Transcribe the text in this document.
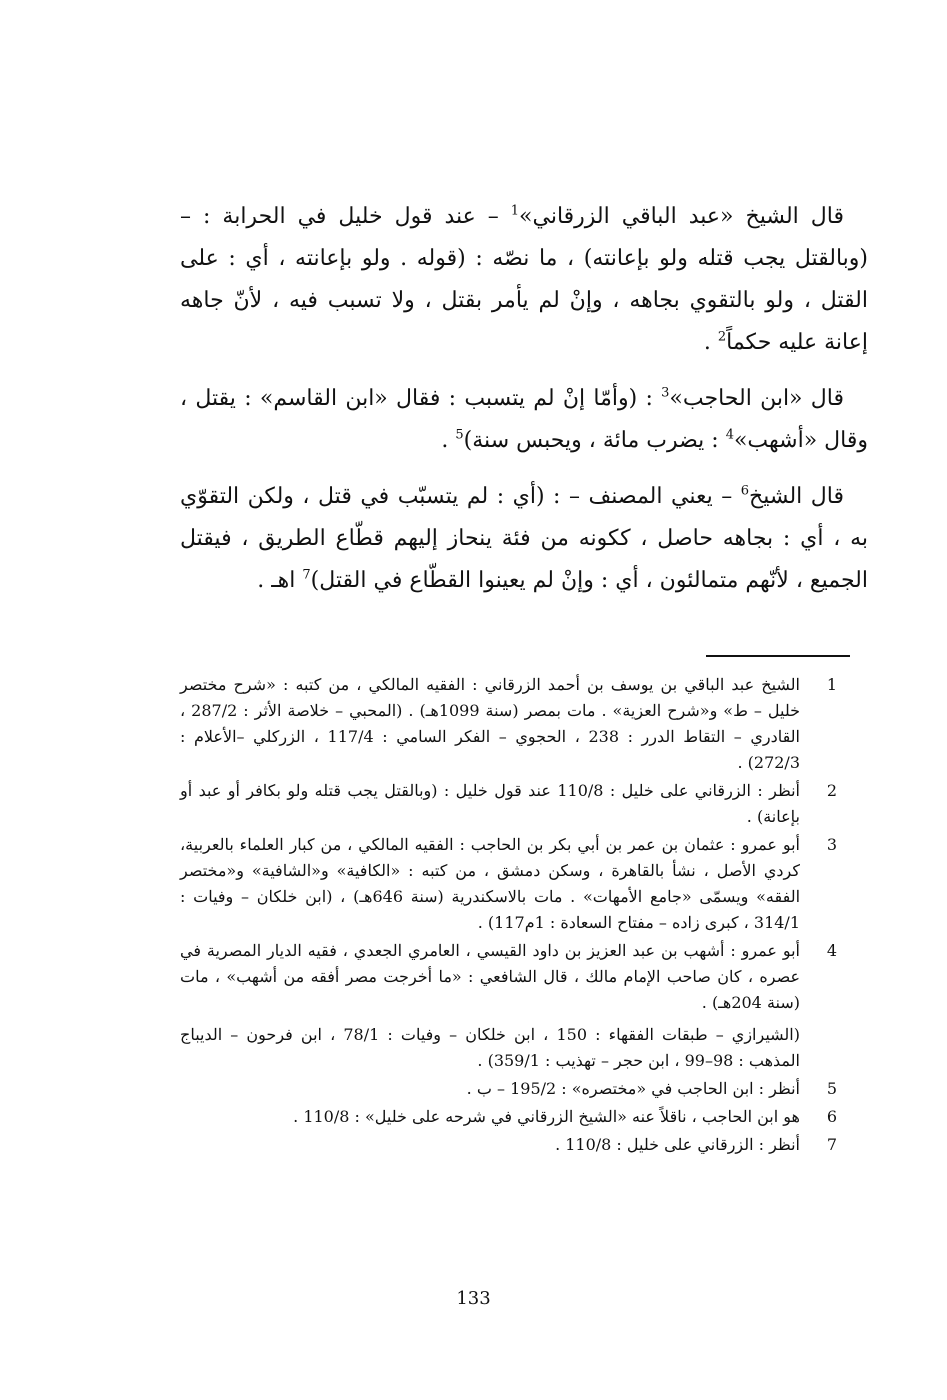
قال الشيخ «عبد الباقي الزرقاني»$^1$ – عند قول خليل في الحرابة : – (وبالقتل يجب قتله ولو بإعانته) ، ما نصّه : (قوله . ولو بإعانته ، أي : على القتل ، ولو بالتقوي بجاهه ، وإنْ لم يأمر بقتل ، ولا تسبب فيه ، لأنّ جاهه إعانة عليه حكماً$^2$ .

قال «ابن الحاجب»$^3$ : (وأمّا إنْ لم يتسبب : فقال «ابن القاسم» : يقتل ، وقال «أشهب»$^4$ : يضرب مائة ، ويحبس سنة)$^5$ .

قال الشيخ$^6$ – يعني المصنف – : (أي : لم يتسبّب في قتل ، ولكن التقوّي به ، أي : بجاهه حاصل ، ككونه من فئة ينحاز إليهم قطّاع الطريق ، فيقتل الجميع ، لأنّهم متمالئون ، أي : وإنْ لم يعينوا القطّاع في القتل)$^7$ اهـ .

1
الشيخ عبد الباقي بن يوسف بن أحمد الزرقاني : الفقيه المالكي ، من كتبه : «شرح مختصر خليل – ط» و«شرح العزية» . مات بمصر (سنة 1099هـ) . (المحبي – خلاصة الأثر : 287/2 ، القادري – التقاط الدرر : 238 ، الحجوي – الفكر السامي : 117/4 ، الزركلي –الأعلام : 272/3) .
2
أنظر : الزرقاني على خليل : 110/8 عند قول خليل : (وبالقتل يجب قتله ولو بكافر أو عبد أو بإعانة) .
3
أبو عمرو : عثمان بن عمر بن أبي بكر بن الحاجب : الفقيه المالكي ، من كبار العلماء بالعربية، كردي الأصل ، نشأ بالقاهرة ، وسكن دمشق ، من كتبه : «الكافية» و«الشافية» و«مختصر الفقه» ويسمّى «جامع الأمهات» . مات بالاسكندرية (سنة 646هـ) ، (ابن خلكان – وفيات : 314/1 ، كبرى زاده – مفتاح السعادة : 1م117) .
4
أبو عمرو : أشهب بن عبد العزيز بن داود القيسي ، العامري الجعدي ، فقيه الديار المصرية في عصره ، كان صاحب الإمام مالك ، قال الشافعي : «ما أخرجت مصر أفقه من أشهب» ، مات (سنة 204هـ) .
(الشيرازي – طبقات الفقهاء : 150 ، ابن خلكان – وفيات : 78/1 ، ابن فرحون – الديباج المذهب : 98–99 ، ابن حجر – تهذيب : 359/1) .
5
أنظر : ابن الحاجب في «مختصره» : 195/2 – ب .
6
هو ابن الحاجب ، ناقلاً عنه «الشيخ الزرقاني في شرحه على خليل» : 110/8 .
7
أنظر : الزرقاني على خليل : 110/8 .
133
